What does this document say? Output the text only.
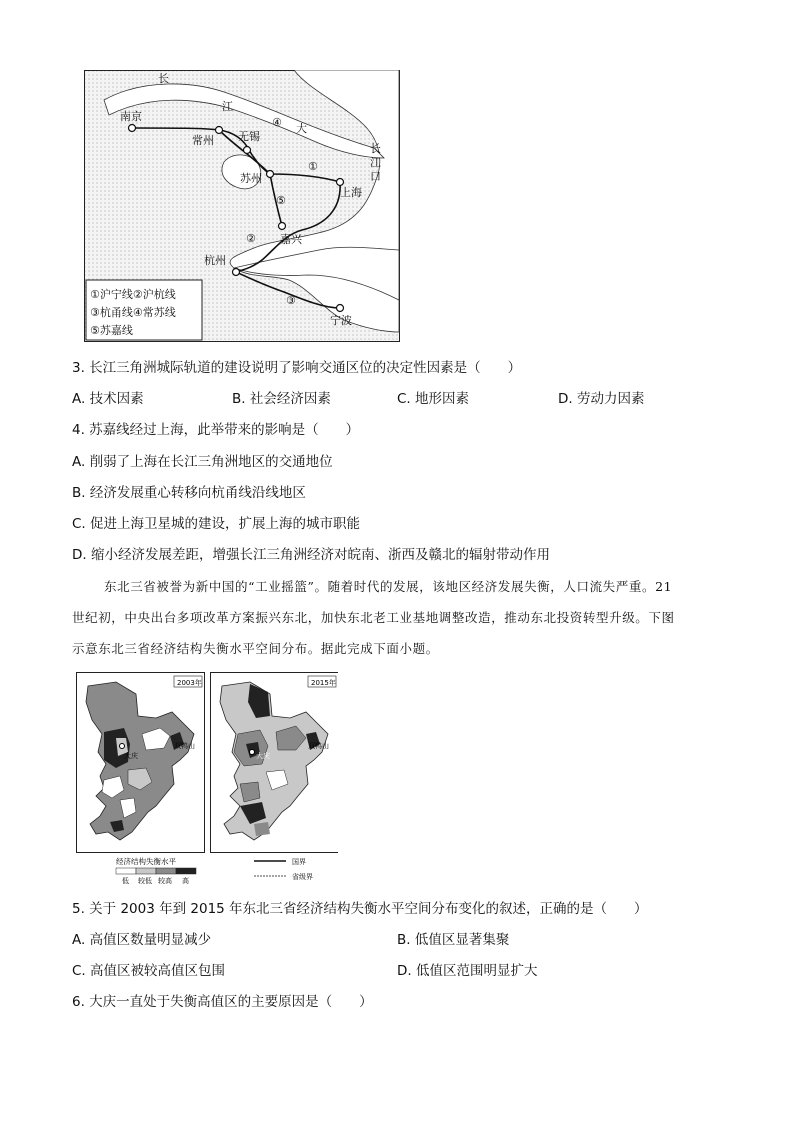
南京
常州 无锡
苏州
上海
嘉兴
杭州
宁波
长
江
大
长
江
口
①
②
③
④
⑤
①沪宁线②沪杭线
③杭甬线④常苏线
⑤苏嘉线
3. 长江三角洲城际轨道的建设说明了影响交通区位的决定性因素是（　　）
A. 技术因素	B. 社会经济因素	C. 地形因素	D. 劳动力因素
4. 苏嘉线经过上海，此举带来的影响是（　　）
A. 削弱了上海在长江三角洲地区的交通地位
B. 经济发展重心转移向杭甬线沿线地区
C. 促进上海卫星城的建设，扩展上海的城市职能
D. 缩小经济发展差距，增强长江三角洲经济对皖南、浙西及赣北的辐射带动作用
东北三省被誉为新中国的“工业摇篮”。随着时代的发展，该地区经济发展失衡，人口流失严重。21
世纪初，中央出台多项改革方案振兴东北，加快东北老工业基地调整改造，推动东北投资转型升级。下图
示意东北三省经济结构失衡水平空间分布。据此完成下面小题。
2003年
大庆
双鸭山
2015年
大庆
双鸭山
经济结构失衡水平
低 较低 较高 高
国界
省级界
5. 关于 2003 年到 2015 年东北三省经济结构失衡水平空间分布变化的叙述，正确的是（　　）
A. 高值区数量明显减少	B. 低值区显著集聚
C. 高值区被较高值区包围	D. 低值区范围明显扩大
6. 大庆一直处于失衡高值区的主要原因是（　　）
